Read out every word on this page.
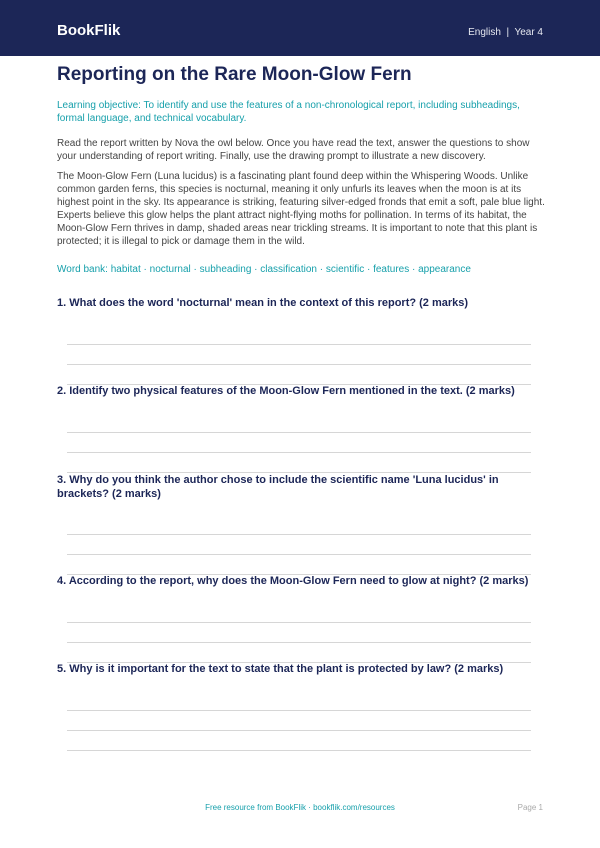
BookFlik	English  |  Year 4
Reporting on the Rare Moon-Glow Fern
Learning objective: To identify and use the features of a non-chronological report, including subheadings, formal language, and technical vocabulary.
Read the report written by Nova the owl below. Once you have read the text, answer the questions to show your understanding of report writing. Finally, use the drawing prompt to illustrate a new discovery.
The Moon-Glow Fern (Luna lucidus) is a fascinating plant found deep within the Whispering Woods. Unlike common garden ferns, this species is nocturnal, meaning it only unfurls its leaves when the moon is at its highest point in the sky. Its appearance is striking, featuring silver-edged fronds that emit a soft, pale blue light. Experts believe this glow helps the plant attract night-flying moths for pollination. In terms of its habitat, the Moon-Glow Fern thrives in damp, shaded areas near trickling streams. It is important to note that this plant is protected; it is illegal to pick or damage them in the wild.
Word bank: habitat · nocturnal · subheading · classification · scientific · features · appearance
1. What does the word 'nocturnal' mean in the context of this report? (2 marks)
2. Identify two physical features of the Moon-Glow Fern mentioned in the text. (2 marks)
3. Why do you think the author chose to include the scientific name 'Luna lucidus' in brackets? (2 marks)
4. According to the report, why does the Moon-Glow Fern need to glow at night? (2 marks)
5. Why is it important for the text to state that the plant is protected by law? (2 marks)
Free resource from BookFlik · bookflik.com/resources	Page 1
